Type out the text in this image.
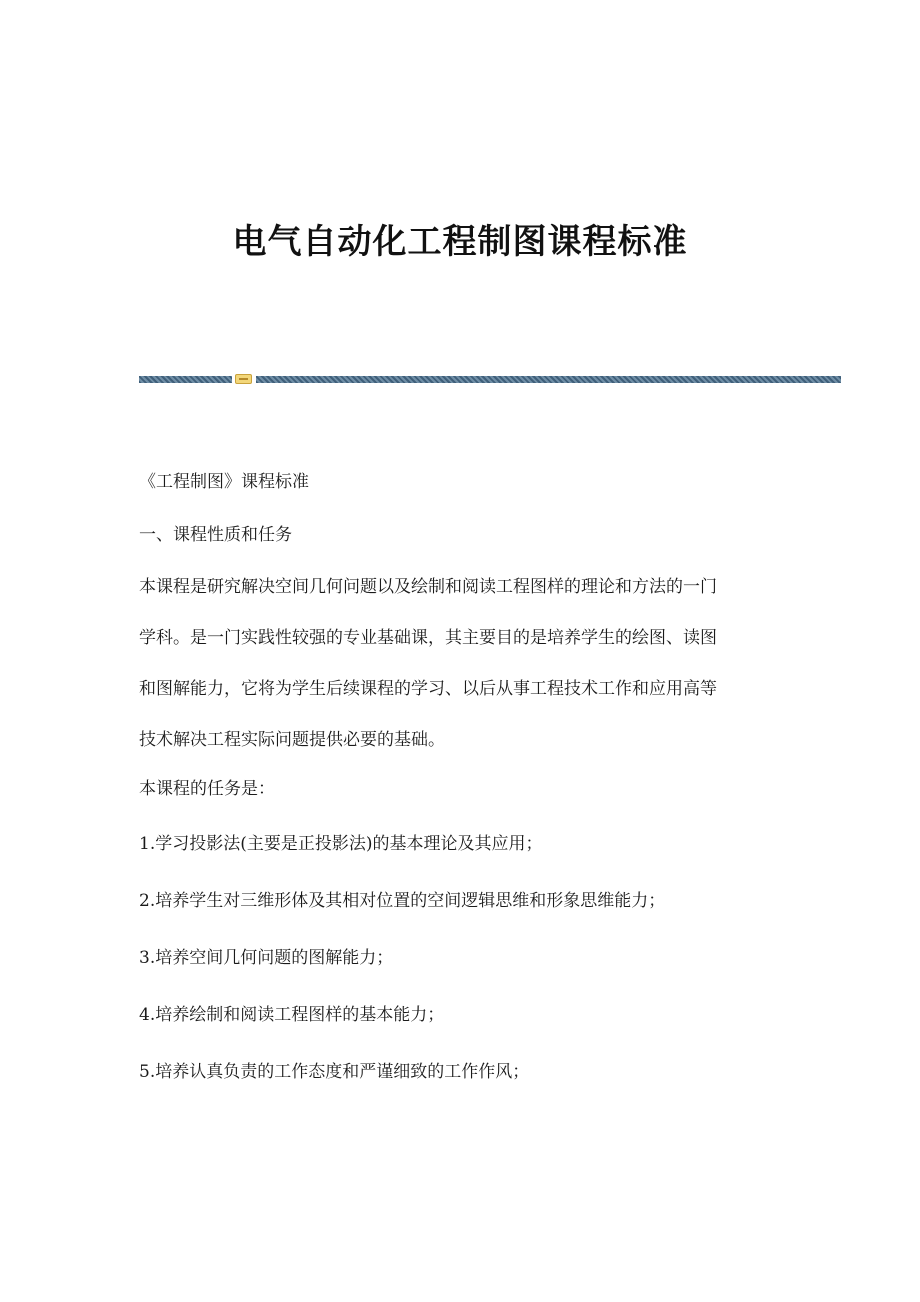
电气自动化工程制图课程标准

《工程制图》课程标准

一、课程性质和任务

本课程是研究解决空间几何问题以及绘制和阅读工程图样的理论和方法的一门

学科。是一门实践性较强的专业基础课，其主要目的是培养学生的绘图、读图

和图解能力，它将为学生后续课程的学习、以后从事工程技术工作和应用高等

技术解决工程实际问题提供必要的基础。

本课程的任务是：

1.学习投影法(主要是正投影法)的基本理论及其应用；

2.培养学生对三维形体及其相对位置的空间逻辑思维和形象思维能力；

3.培养空间几何问题的图解能力；

4.培养绘制和阅读工程图样的基本能力；

5.培养认真负责的工作态度和严谨细致的工作作风；
